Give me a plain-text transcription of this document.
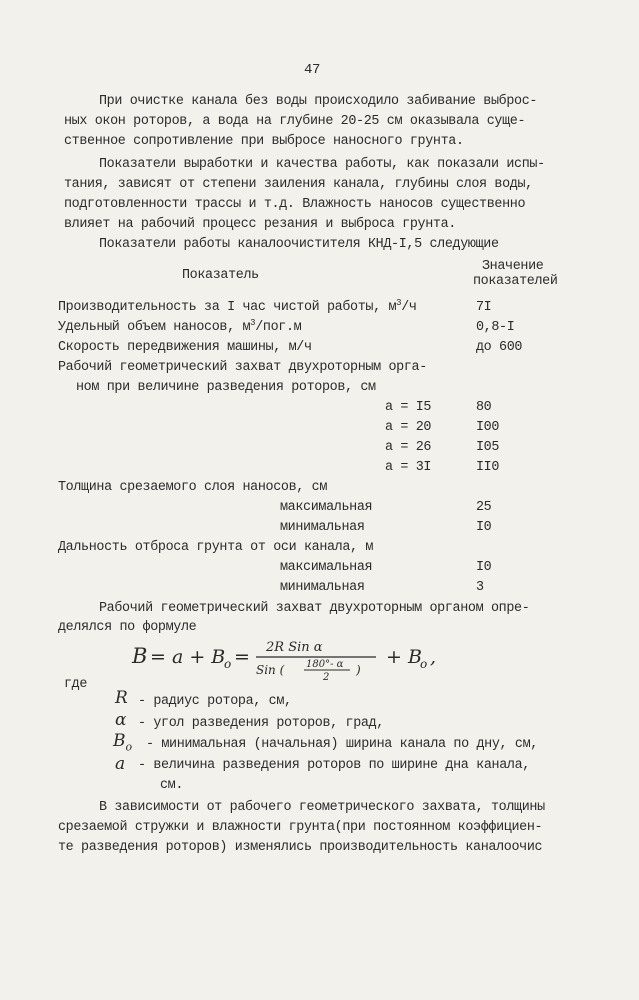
47
При очистке канала без воды происходило забивание выброс-
ных окон роторов, а вода на глубине 20-25 см оказывала суще-
ственное сопротивление при выбросе наносного грунта.
Показатели выработки и качества работы, как показали испы-
тания, зависят от степени заиления канала, глубины слоя воды,
подготовленности трассы и т.д. Влажность наносов существенно
влияет на рабочий процесс резания и выброса грунта.
Показатели работы каналоочистителя КНД-I,5 следующие
Показатель
Значение
показателей
Производительность за I час чистой работы, $м^3/ч$	7I
Удельный объем наносов, $м^3/пог.м$	0,8-I
Скорость передвижения машины, м/ч	до 600
Рабочий геометрический захват двухроторным орга-
ном при величине разведения роторов, см
a = I5	80
a = 20	I00
a = 26	I05
a = 3I	II0
Толщина срезаемого слоя наносов, см
максимальная	25
минимальная	I0
Дальность отброса грунта от оси канала, м
максимальная	I0
минимальная	3
Рабочий геометрический захват двухроторным органом опре-
делялся по формуле
B = a + B
o = 2R Sin α
Sin ( 180°- α
2
)
+ B
o ,
где
R - радиус ротора, см,
α - угол разведения роторов, град,
$B_o$ - минимальная (начальная) ширина канала по дну, см,
a - величина разведения роторов по ширине дна канала,
см.
В зависимости от рабочего геометрического захвата, толщины
срезаемой стружки и влажности грунта(при постоянном коэффициен-
те разведения роторов) изменялись производительность каналоочис
